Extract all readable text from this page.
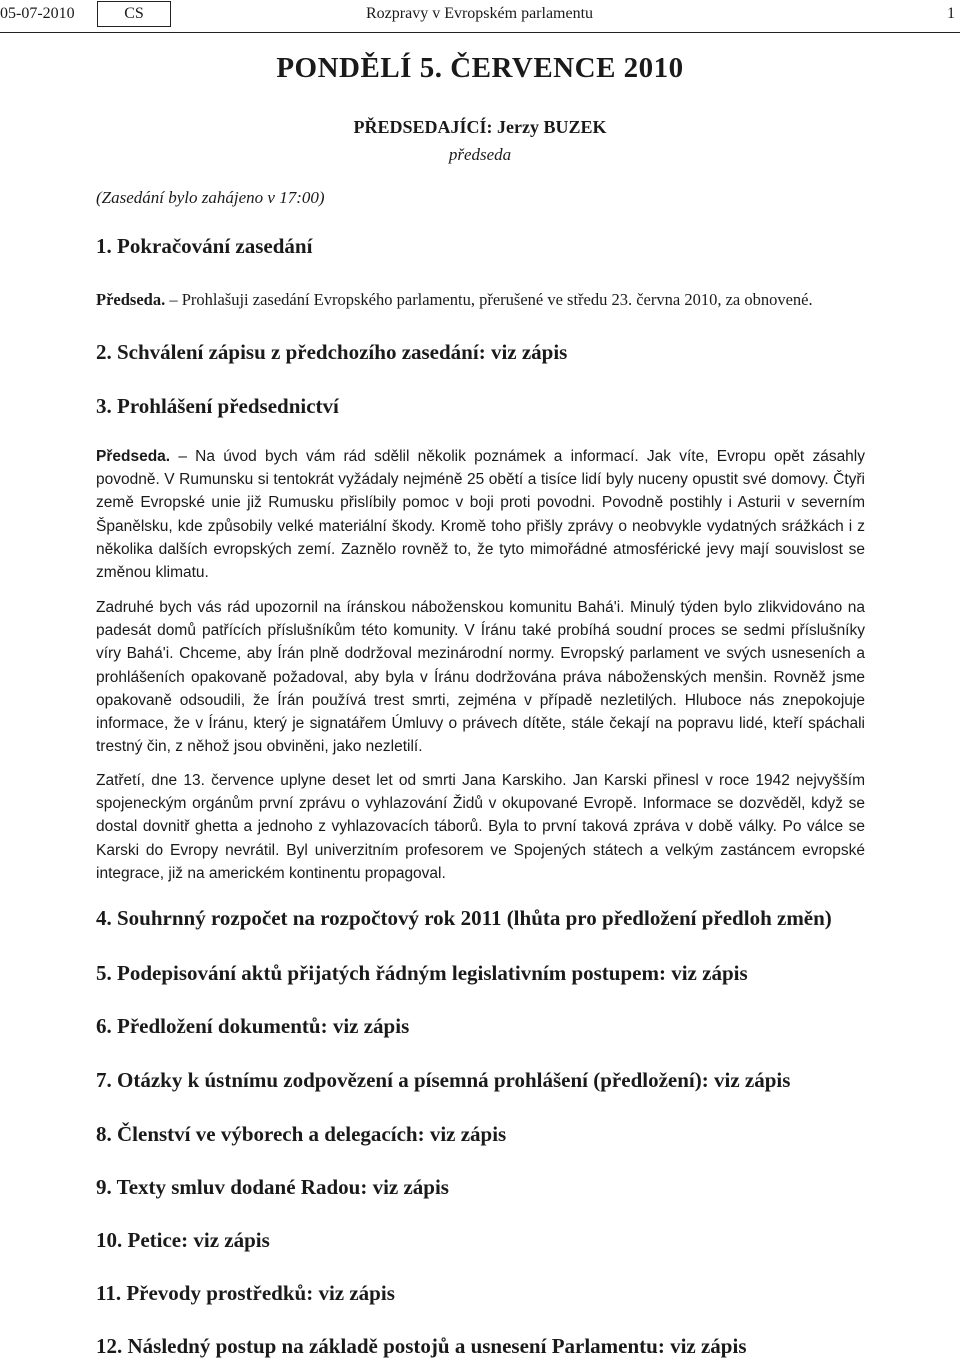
05-07-2010	CS	Rozpravy v Evropském parlamentu	1
PONDĚLÍ 5. ČERVENCE 2010
PŘEDSEDAJÍCÍ: Jerzy BUZEK
předseda
(Zasedání bylo zahájeno v 17:00)
1. Pokračování zasedání
Předseda. – Prohlašuji zasedání Evropského parlamentu, přerušené ve středu 23. června 2010, za obnovené.
2. Schválení zápisu z předchozího zasedání: viz zápis
3. Prohlášení předsednictví
Předseda. – Na úvod bych vám rád sdělil několik poznámek a informací. Jak víte, Evropu opět zásahly povodně. V Rumunsku si tentokrát vyžádaly nejméně 25 obětí a tisíce lidí byly nuceny opustit své domovy. Čtyři země Evropské unie již Rumusku přislíbily pomoc v boji proti povodni. Povodně postihly i Asturii v severním Španělsku, kde způsobily velké materiální škody. Kromě toho přišly zprávy o neobvykle vydatných srážkách i z několika dalších evropských zemí. Zaznělo rovněž to, že tyto mimořádné atmosférické jevy mají souvislost se změnou klimatu.
Zadruhé bych vás rád upozornil na íránskou náboženskou komunitu Bahá'i. Minulý týden bylo zlikvidováno na padesát domů patřících příslušníkům této komunity. V Íránu také probíhá soudní proces se sedmi příslušníky víry Bahá'i. Chceme, aby Írán plně dodržoval mezinárodní normy. Evropský parlament ve svých usneseních a prohlášeních opakovaně požadoval, aby byla v Íránu dodržována práva náboženských menšin. Rovněž jsme opakovaně odsoudili, že Írán používá trest smrti, zejména v případě nezletilých. Hluboce nás znepokojuje informace, že v Íránu, který je signatářem Úmluvy o právech dítěte, stále čekají na popravu lidé, kteří spáchali trestný čin, z něhož jsou obviněni, jako nezletilí.
Zatřetí, dne 13. července uplyne deset let od smrti Jana Karskiho. Jan Karski přinesl v roce 1942 nejvyšším spojeneckým orgánům první zprávu o vyhlazování Židů v okupované Evropě. Informace se dozvěděl, když se dostal dovnitř ghetta a jednoho z vyhlazovacích táborů. Byla to první taková zpráva v době války. Po válce se Karski do Evropy nevrátil. Byl univerzitním profesorem ve Spojených státech a velkým zastáncem evropské integrace, již na americkém kontinentu propagoval.
4. Souhrnný rozpočet na rozpočtový rok 2011 (lhůta pro předložení předloh změn)
5. Podepisování aktů přijatých řádným legislativním postupem: viz zápis
6. Předložení dokumentů: viz zápis
7. Otázky k ústnímu zodpovězení a písemná prohlášení (předložení): viz zápis
8. Členství ve výborech a delegacích: viz zápis
9. Texty smluv dodané Radou: viz zápis
10. Petice: viz zápis
11. Převody prostředků: viz zápis
12. Následný postup na základě postojů a usnesení Parlamentu: viz zápis
